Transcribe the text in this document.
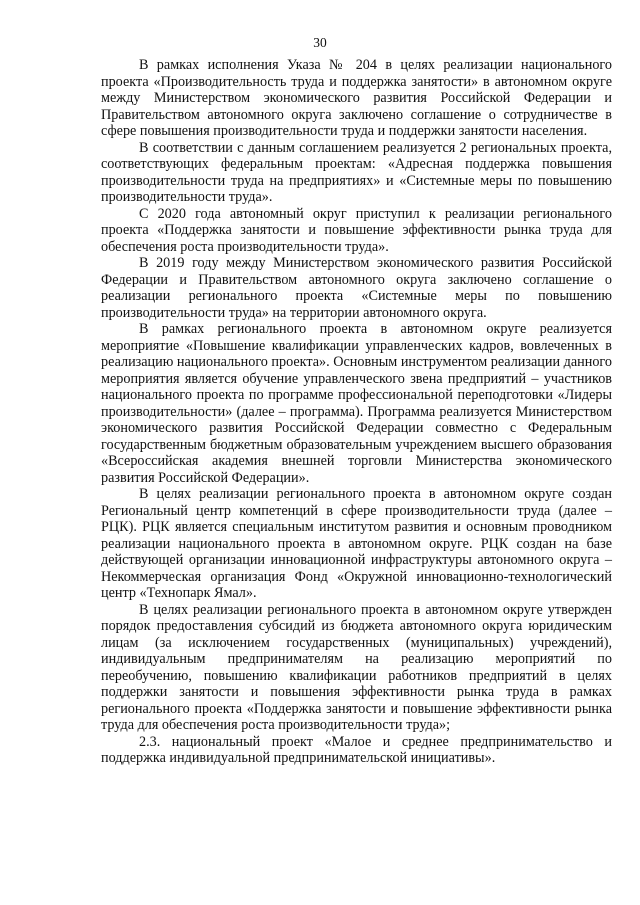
30

В рамках исполнения Указа № 204 в целях реализации национального проекта «Производительность труда и поддержка занятости» в автономном округе между Министерством экономического развития Российской Федерации и Правительством автономного округа заключено соглашение о сотрудничестве в сфере повышения производительности труда и поддержки занятости населения.

В соответствии с данным соглашением реализуется 2 региональных проекта, соответствующих федеральным проектам: «Адресная поддержка повышения производительности труда на предприятиях» и «Системные меры по повышению производительности труда».

С 2020 года автономный округ приступил к реализации регионального проекта «Поддержка занятости и повышение эффективности рынка труда для обеспечения роста производительности труда».

В 2019 году между Министерством экономического развития Российской Федерации и Правительством автономного округа заключено соглашение о реализации регионального проекта «Системные меры по повышению производительности труда» на территории автономного округа.

В рамках регионального проекта в автономном округе реализуется мероприятие «Повышение квалификации управленческих кадров, вовлеченных в реализацию национального проекта». Основным инструментом реализации данного мероприятия является обучение управленческого звена предприятий – участников национального проекта по программе профессиональной переподготовки «Лидеры производительности» (далее – программа). Программа реализуется Министерством экономического развития Российской Федерации совместно с Федеральным государственным бюджетным образовательным учреждением высшего образования «Всероссийская академия внешней торговли Министерства экономического развития Российской Федерации».

В целях реализации регионального проекта в автономном округе создан Региональный центр компетенций в сфере производительности труда (далее – РЦК). РЦК является специальным институтом развития и основным проводником реализации национального проекта в автономном округе. РЦК создан на базе действующей организации инновационной инфраструктуры автономного округа – Некоммерческая организация Фонд «Окружной инновационно-технологический центр «Технопарк Ямал».

В целях реализации регионального проекта в автономном округе утвержден порядок предоставления субсидий из бюджета автономного округа юридическим лицам (за исключением государственных (муниципальных) учреждений), индивидуальным предпринимателям на реализацию мероприятий по переобучению, повышению квалификации работников предприятий в целях поддержки занятости и повышения эффективности рынка труда в рамках регионального проекта «Поддержка занятости и повышение эффективности рынка труда для обеспечения роста производительности труда»;

2.3. национальный проект «Малое и среднее предпринимательство и поддержка индивидуальной предпринимательской инициативы».
